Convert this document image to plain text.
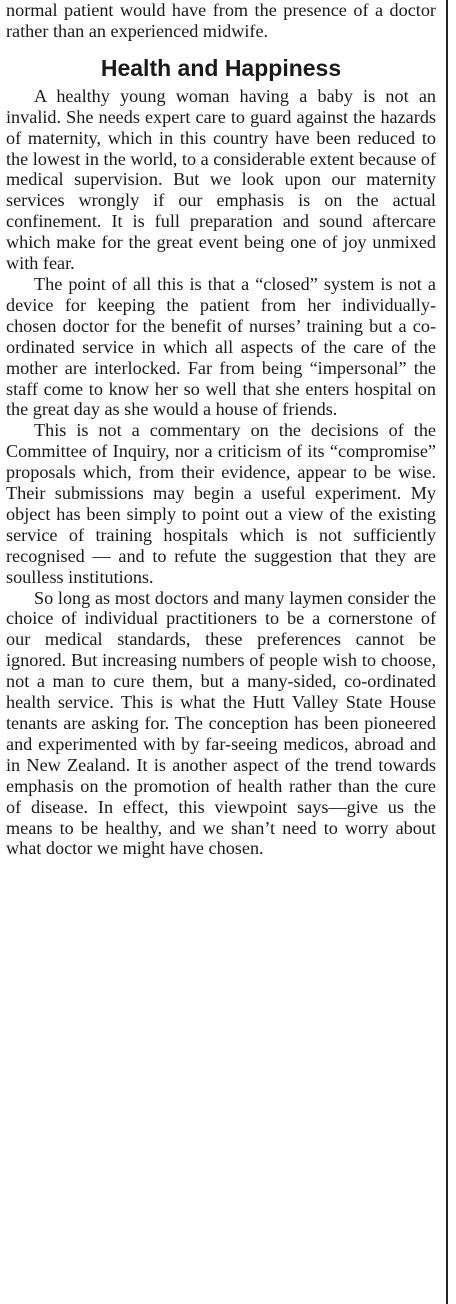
normal patient would have from the presence of a doctor rather than an experienced midwife.

Health and Happiness

A healthy young woman having a baby is not an invalid. She needs expert care to guard against the hazards of maternity, which in this country have been reduced to the lowest in the world, to a considerable extent because of medical supervision. But we look upon our maternity services wrongly if our emphasis is on the actual confinement. It is full preparation and sound aftercare which make for the great event being one of joy unmixed with fear.

The point of all this is that a “closed” system is not a device for keeping the patient from her individually-chosen doctor for the benefit of nurses’ training but a co-ordinated service in which all aspects of the care of the mother are interlocked. Far from being “impersonal” the staff come to know her so well that she enters hospital on the great day as she would a house of friends.

This is not a commentary on the decisions of the Committee of Inquiry, nor a criticism of its “compromise” proposals which, from their evidence, appear to be wise. Their submissions may begin a useful experiment. My object has been simply to point out a view of the existing service of training hospitals which is not sufficiently recognised — and to refute the suggestion that they are soulless institutions.

So long as most doctors and many laymen consider the choice of individual practitioners to be a cornerstone of our medical standards, these preferences cannot be ignored. But increasing numbers of people wish to choose, not a man to cure them, but a many-sided, co-ordinated health service. This is what the Hutt Valley State House tenants are asking for. The conception has been pioneered and experimented with by far-seeing medicos, abroad and in New Zealand. It is another aspect of the trend towards emphasis on the promotion of health rather than the cure of disease. In effect, this viewpoint says—give us the means to be healthy, and we shan’t need to worry about what doctor we might have chosen.
